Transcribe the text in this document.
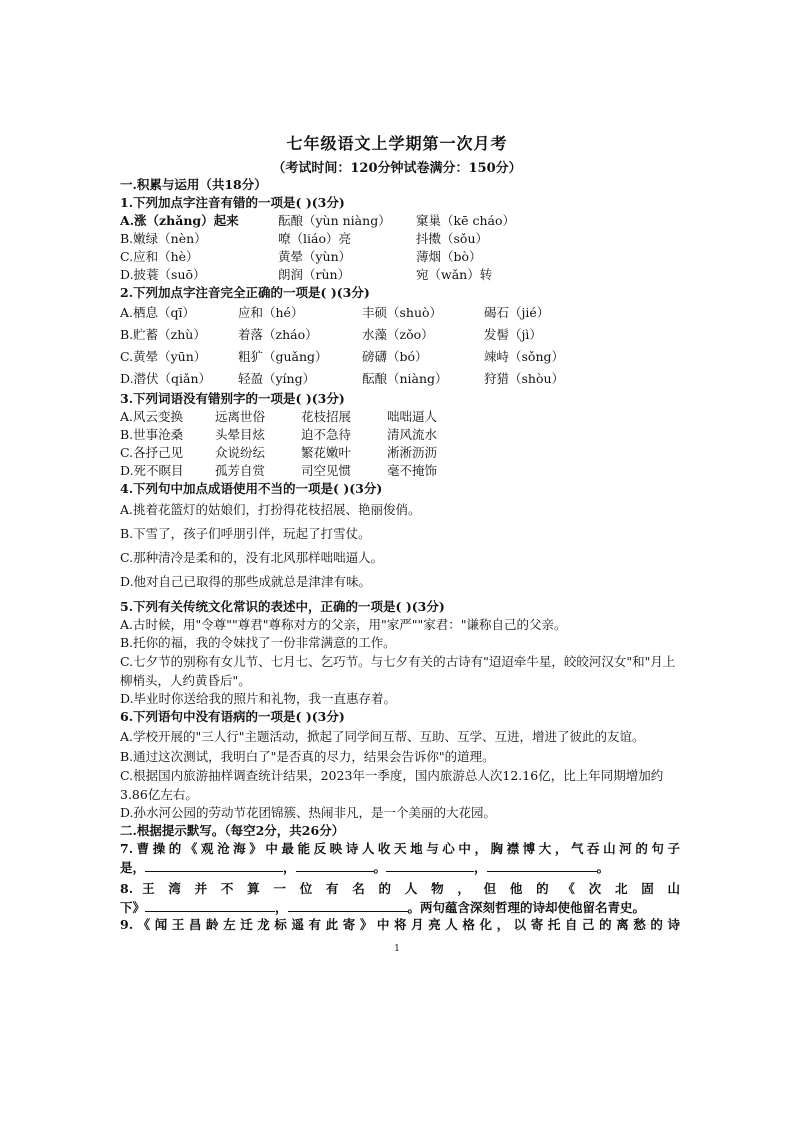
七年级语文上学期第一次月考
（考试时间：120分钟试卷满分：150分）
一.积累与运用（共18分）
1.下列加点字注音有错的一项是( )(3分)
A.涨（zhǎng）起来	酝酿（yùn niàng） 窠巢（kē cháo）
B.嫩绿（nèn）	嘹（liáo）亮	抖擞（sǒu）
C.应和（hè）	黄晕（yùn）	薄烟（bò）
D.披蓑（suō）	朗润（rùn）	宛（wǎn）转
2.下列加点字注音完全正确的一项是( )(3分)
A.栖息（qī）	应和（hé）	丰硕（shuò）	碣石（jié）
B.贮蓄（zhù）	着落（zháo）	水藻（zǒo）	发髻（jì）
C.黄晕（yūn）	粗犷（guǎng）	磅礴（bó）	竦峙（sǒng）
D.潜伏（qiǎn） 轻盈（yíng）	酝酿（niàng）	狩猎（shòu）
3.下列词语没有错别字的一项是( )(3分)
A.风云变换	远离世俗	花枝招展	咄咄逼人
B.世事沧桑	头晕目炫	迫不急待	清风流水
C.各抒己见	众说纷纭	繁花嫩叶	淅淅沥沥
D.死不瞑目	孤芳自赏	司空见惯	毫不掩饰
4.下列句中加点成语使用不当的一项是( )(3分)
A.挑着花篮灯的姑娘们，打扮得花枝招展、艳丽俊俏。
B.下雪了，孩子们呼朋引伴，玩起了打雪仗。
C.那种清冷是柔和的，没有北风那样咄咄逼人。
D.他对自己已取得的那些成就总是津津有味。
5.下列有关传统文化常识的表述中，正确的一项是( )(3分)
A.古时候，用"令尊""尊君"尊称对方的父亲，用"家严""家君："谦称自己的父亲。
B.托你的福，我的令妹找了一份非常满意的工作。
C.七夕节的别称有女儿节、七月七、乞巧节。与七夕有关的古诗有"迢迢牵牛星，皎皎河汉女"和"月上柳梢头，人约黄昏后"。
D.毕业时你送给我的照片和礼物，我一直惠存着。
6.下列语句中没有语病的一项是( )(3分)
A.学校开展的"三人行"主题活动，掀起了同学间互帮、互助、互学、互进，增进了彼此的友谊。
B.通过这次测试，我明白了"是否真的尽力，结果会告诉你"的道理。
C.根据国内旅游抽样调查统计结果，2023年一季度，国内旅游总人次12.16亿，比上年同期增加约3.86亿左右。
D.孙水河公园的劳动节花团锦簇、热闹非凡，是一个美丽的大花园。
二.根据提示默写。（每空2分，共26分）
7.曹操的《观沧海》中最能反映诗人收天地与心中，胸襟博大，气吞山河的句子
是，	，	。	，	。
8. 王 湾 并 不 算 一 位 有 名 的 人 物 ， 但 他 的 《 次 北 固 山
下》	，	。两句蕴含深刻哲理的诗却使他留名青史。
9.《闻王昌龄左迁龙标遥有此寄》中将月亮人格化，以寄托自己的离愁的诗
1
